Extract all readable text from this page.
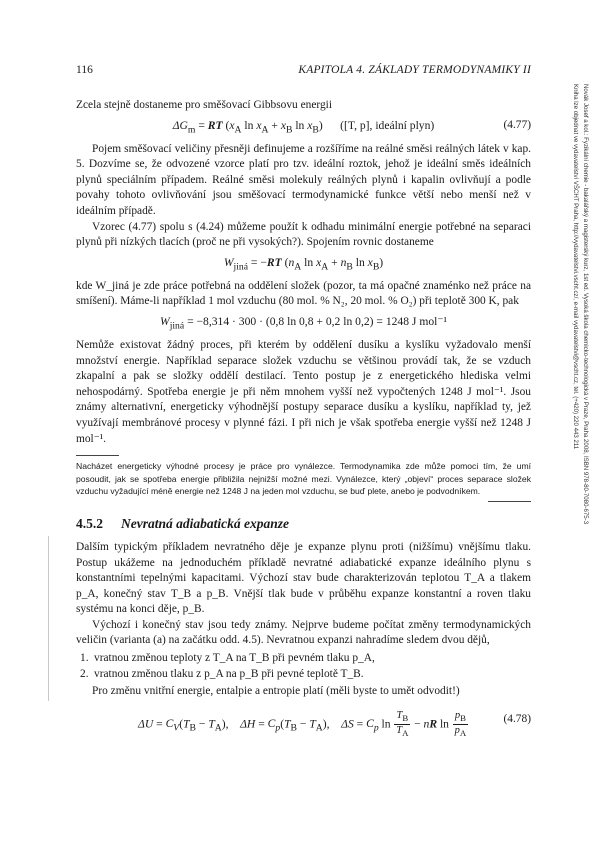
116	KAPITOLA 4. ZÁKLADY TERMODYNAMIKY II
Novák Josef a kol.: Fyzikální chemie - bakalářský a magisterský kurz, 1st ed. Vysoká škola chemicko-technologická v Praze, Praha 2008, ISBN 978-80-7080-675-3
Kniha lze objednat ve vydavatelství VŠCHT Praha, http://vydavatelstvi.vscht.cz/, e-mail vydavatelstvi@vscht.cz, tel. (+420) 220 443 211

Zcela stejně dostaneme pro směšovací Gibbsovu energii

$\Delta G_m$ = RT ($x_A$ $\ln x_A + x_B$ $\ln x_B$)      ([T, p], ideální plyn)	(4.77)

Pojem směšovací veličiny přesněji definujeme a rozšíříme na reálné směsi reálných látek v kap. 5. Dozvíme se, že odvozené vzorce platí pro tzv. ideální roztok, jehož je ideální směs ideálních plynů speciálním případem. Reálné směsi molekuly reálných plynů i kapalin ovlivňují a podle povahy tohoto ovlivňování jsou směšovací termodynamické funkce větší nebo menší než v ideálním případě.

Vzorec (4.77) spolu s (4.24) můžeme použít k odhadu minimální energie potřebné na separaci plynů při nízkých tlacích (proč ne při vysokých?). Spojením rovnic dostaneme

$W_{jiná} = -RT$ ($n_A$ $\ln x_A + n_B$ $\ln x_B$)

kde W_jiná je zde práce potřebná na oddělení složek (pozor, ta má opačné znaménko než práce na smíšení). Máme-li například 1 mol vzduchu (80 mol. % N₂, 20 mol. % O₂) při teplotě 300 K, pak

$W_{jiná} = -8,314 \cdot 300 \cdot (0,8$ ln 0,8 + 0,2 ln 0,2) = 1248 J mol⁻¹

Nemůže existovat žádný proces, při kterém by oddělení dusíku a kyslíku vyžadovalo menší množství energie. Například separace složek vzduchu se většinou provádí tak, že se vzduch zkapalní a pak se složky oddělí destilací. Tento postup je z energetického hlediska velmi nehospodárný. Spotřeba energie je při něm mnohem vyšší než vypočtených 1248 J mol⁻¹. Jsou známy alternativní, energeticky výhodnější postupy separace dusíku a kyslíku, například ty, jež využívají membránové procesy v plynné fázi. I při nich je však spotřeba energie vyšší než 1248 J mol⁻¹.

Nacházet energeticky výhodné procesy je práce pro vynálezce. Termodynamika zde může pomoci tím, že umí posoudit, jak se spotřeba energie přibližila nejnižší možné mezi. Vynálezce, který „objeví“ proces separace složek vzduchu vyžadující méně energie než 1248 J na jeden mol vzduchu, se buď plete, anebo je podvodníkem.

4.5.2 Nevratná adiabatická expanze

Dalším typickým příkladem nevratného děje je expanze plynu proti (nižšímu) vnějšímu tlaku. Postup ukážeme na jednoduchém příkladě nevratné adiabatické expanze ideálního plynu s konstantními tepelnými kapacitami. Výchozí stav bude charakterizován teplotou T_A a tlakem p_A, konečný stav T_B a p_B. Vnější tlak bude v průběhu expanze konstantní a roven tlaku systému na konci děje, p_B.

Výchozí i konečný stav jsou tedy známy. Nejprve budeme počítat změny termodynamických veličin (varianta (a) na začátku odd. 4.5). Nevratnou expanzi nahradíme sledem dvou dějů,

1. vratnou změnou teploty z T_A na T_B při pevném tlaku p_A,
2. vratnou změnou tlaku z p_A na p_B při pevné teplotě T_B.

Pro změnu vnitřní energie, entalpie a entropie platí (měli byste to umět odvodit!)

$\Delta U = C_V(T_B - T_A)$,    $\Delta H = C_p(T_B - T_A)$,    $\Delta S = C_p$ $\ln \frac{T_B}{T_A}$ − nR $\ln \frac{p_B}{p_A}$	(4.78)
